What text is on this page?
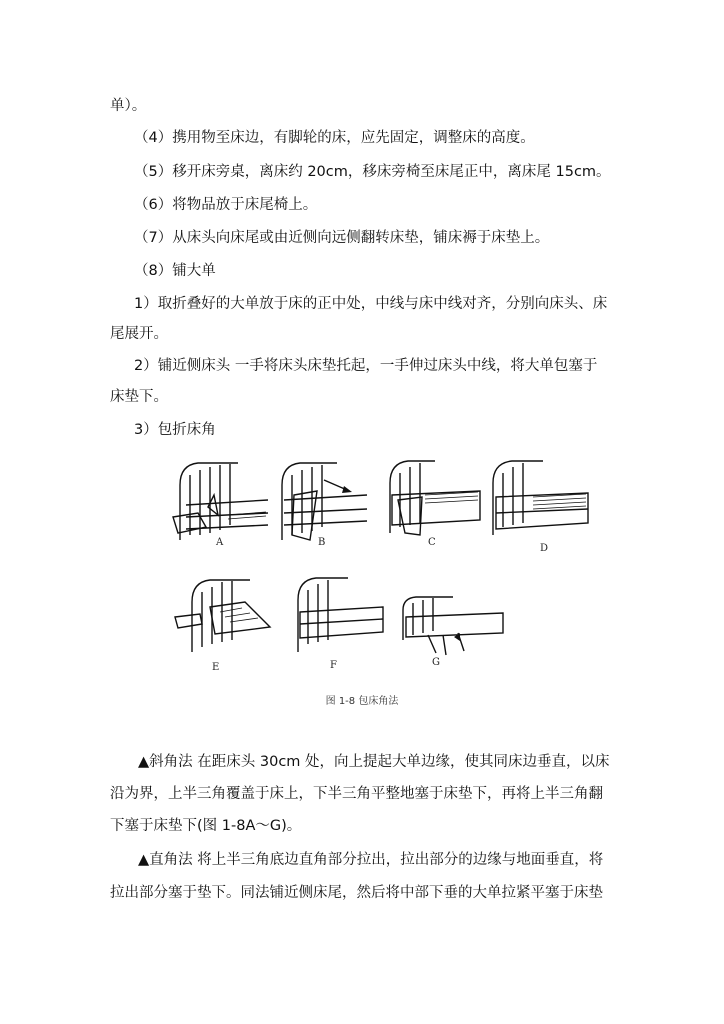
单）。
（4）携用物至床边，有脚轮的床，应先固定，调整床的高度。
（5）移开床旁桌，离床约 20cm，移床旁椅至床尾正中，离床尾 15cm。
（6）将物品放于床尾椅上。
（7）从床头向床尾或由近侧向远侧翻转床垫，铺床褥于床垫上。
（8）铺大单
1）取折叠好的大单放于床的正中处，中线与床中线对齐，分别向床头、床
尾展开。
2）铺近侧床头 一手将床头床垫托起，一手伸过床头中线，将大单包塞于
床垫下。
3）包折床角
A	B	C
D
E	F	G
图 1-8 包床角法
▲斜角法 在距床头 30cm 处，向上提起大单边缘，使其同床边垂直，以床
沿为界，上半三角覆盖于床上，下半三角平整地塞于床垫下，再将上半三角翻
下塞于床垫下(图 1-8A～G)。
▲直角法 将上半三角底边直角部分拉出，拉出部分的边缘与地面垂直，将
拉出部分塞于垫下。同法铺近侧床尾，然后将中部下垂的大单拉紧平塞于床垫
